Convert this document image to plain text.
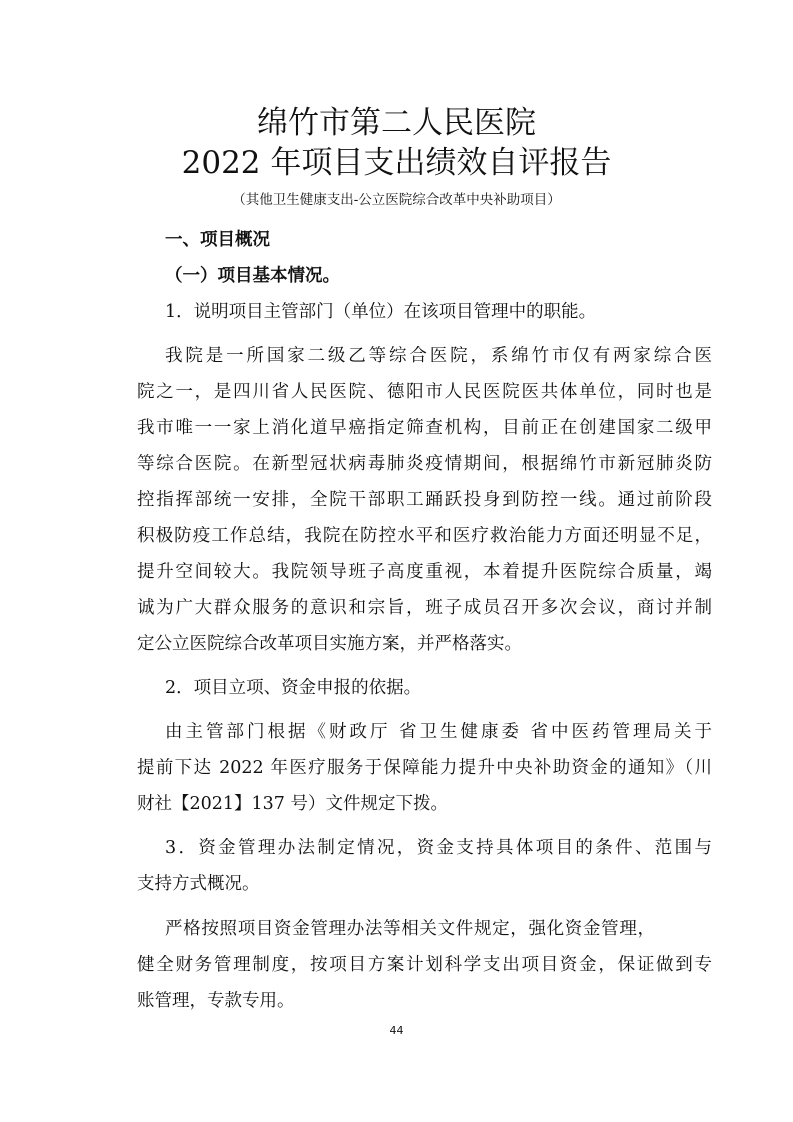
绵竹市第二人民医院
2022 年项目支出绩效自评报告
（其他卫生健康支出-公立医院综合改革中央补助项目）
一、项目概况
（一）项目基本情况。
1．说明项目主管部门（单位）在该项目管理中的职能。
我院是一所国家二级乙等综合医院，系绵竹市仅有两家综合医
院之一，是四川省人民医院、德阳市人民医院医共体单位，同时也是
我市唯一一家上消化道早癌指定筛查机构，目前正在创建国家二级甲
等综合医院。在新型冠状病毒肺炎疫情期间，根据绵竹市新冠肺炎防
控指挥部统一安排，全院干部职工踊跃投身到防控一线。通过前阶段
积极防疫工作总结，我院在防控水平和医疗救治能力方面还明显不足，
提升空间较大。我院领导班子高度重视，本着提升医院综合质量，竭
诚为广大群众服务的意识和宗旨，班子成员召开多次会议，商讨并制
定公立医院综合改革项目实施方案，并严格落实。
2．项目立项、资金申报的依据。
由主管部门根据《财政厅 省卫生健康委 省中医药管理局关于
提前下达 2022 年医疗服务于保障能力提升中央补助资金的通知》（川
财社【2021】137 号）文件规定下拨。
3．资金管理办法制定情况，资金支持具体项目的条件、范围与
支持方式概况。
严格按照项目资金管理办法等相关文件规定，强化资金管理，
健全财务管理制度，按项目方案计划科学支出项目资金，保证做到专
账管理，专款专用。
44
